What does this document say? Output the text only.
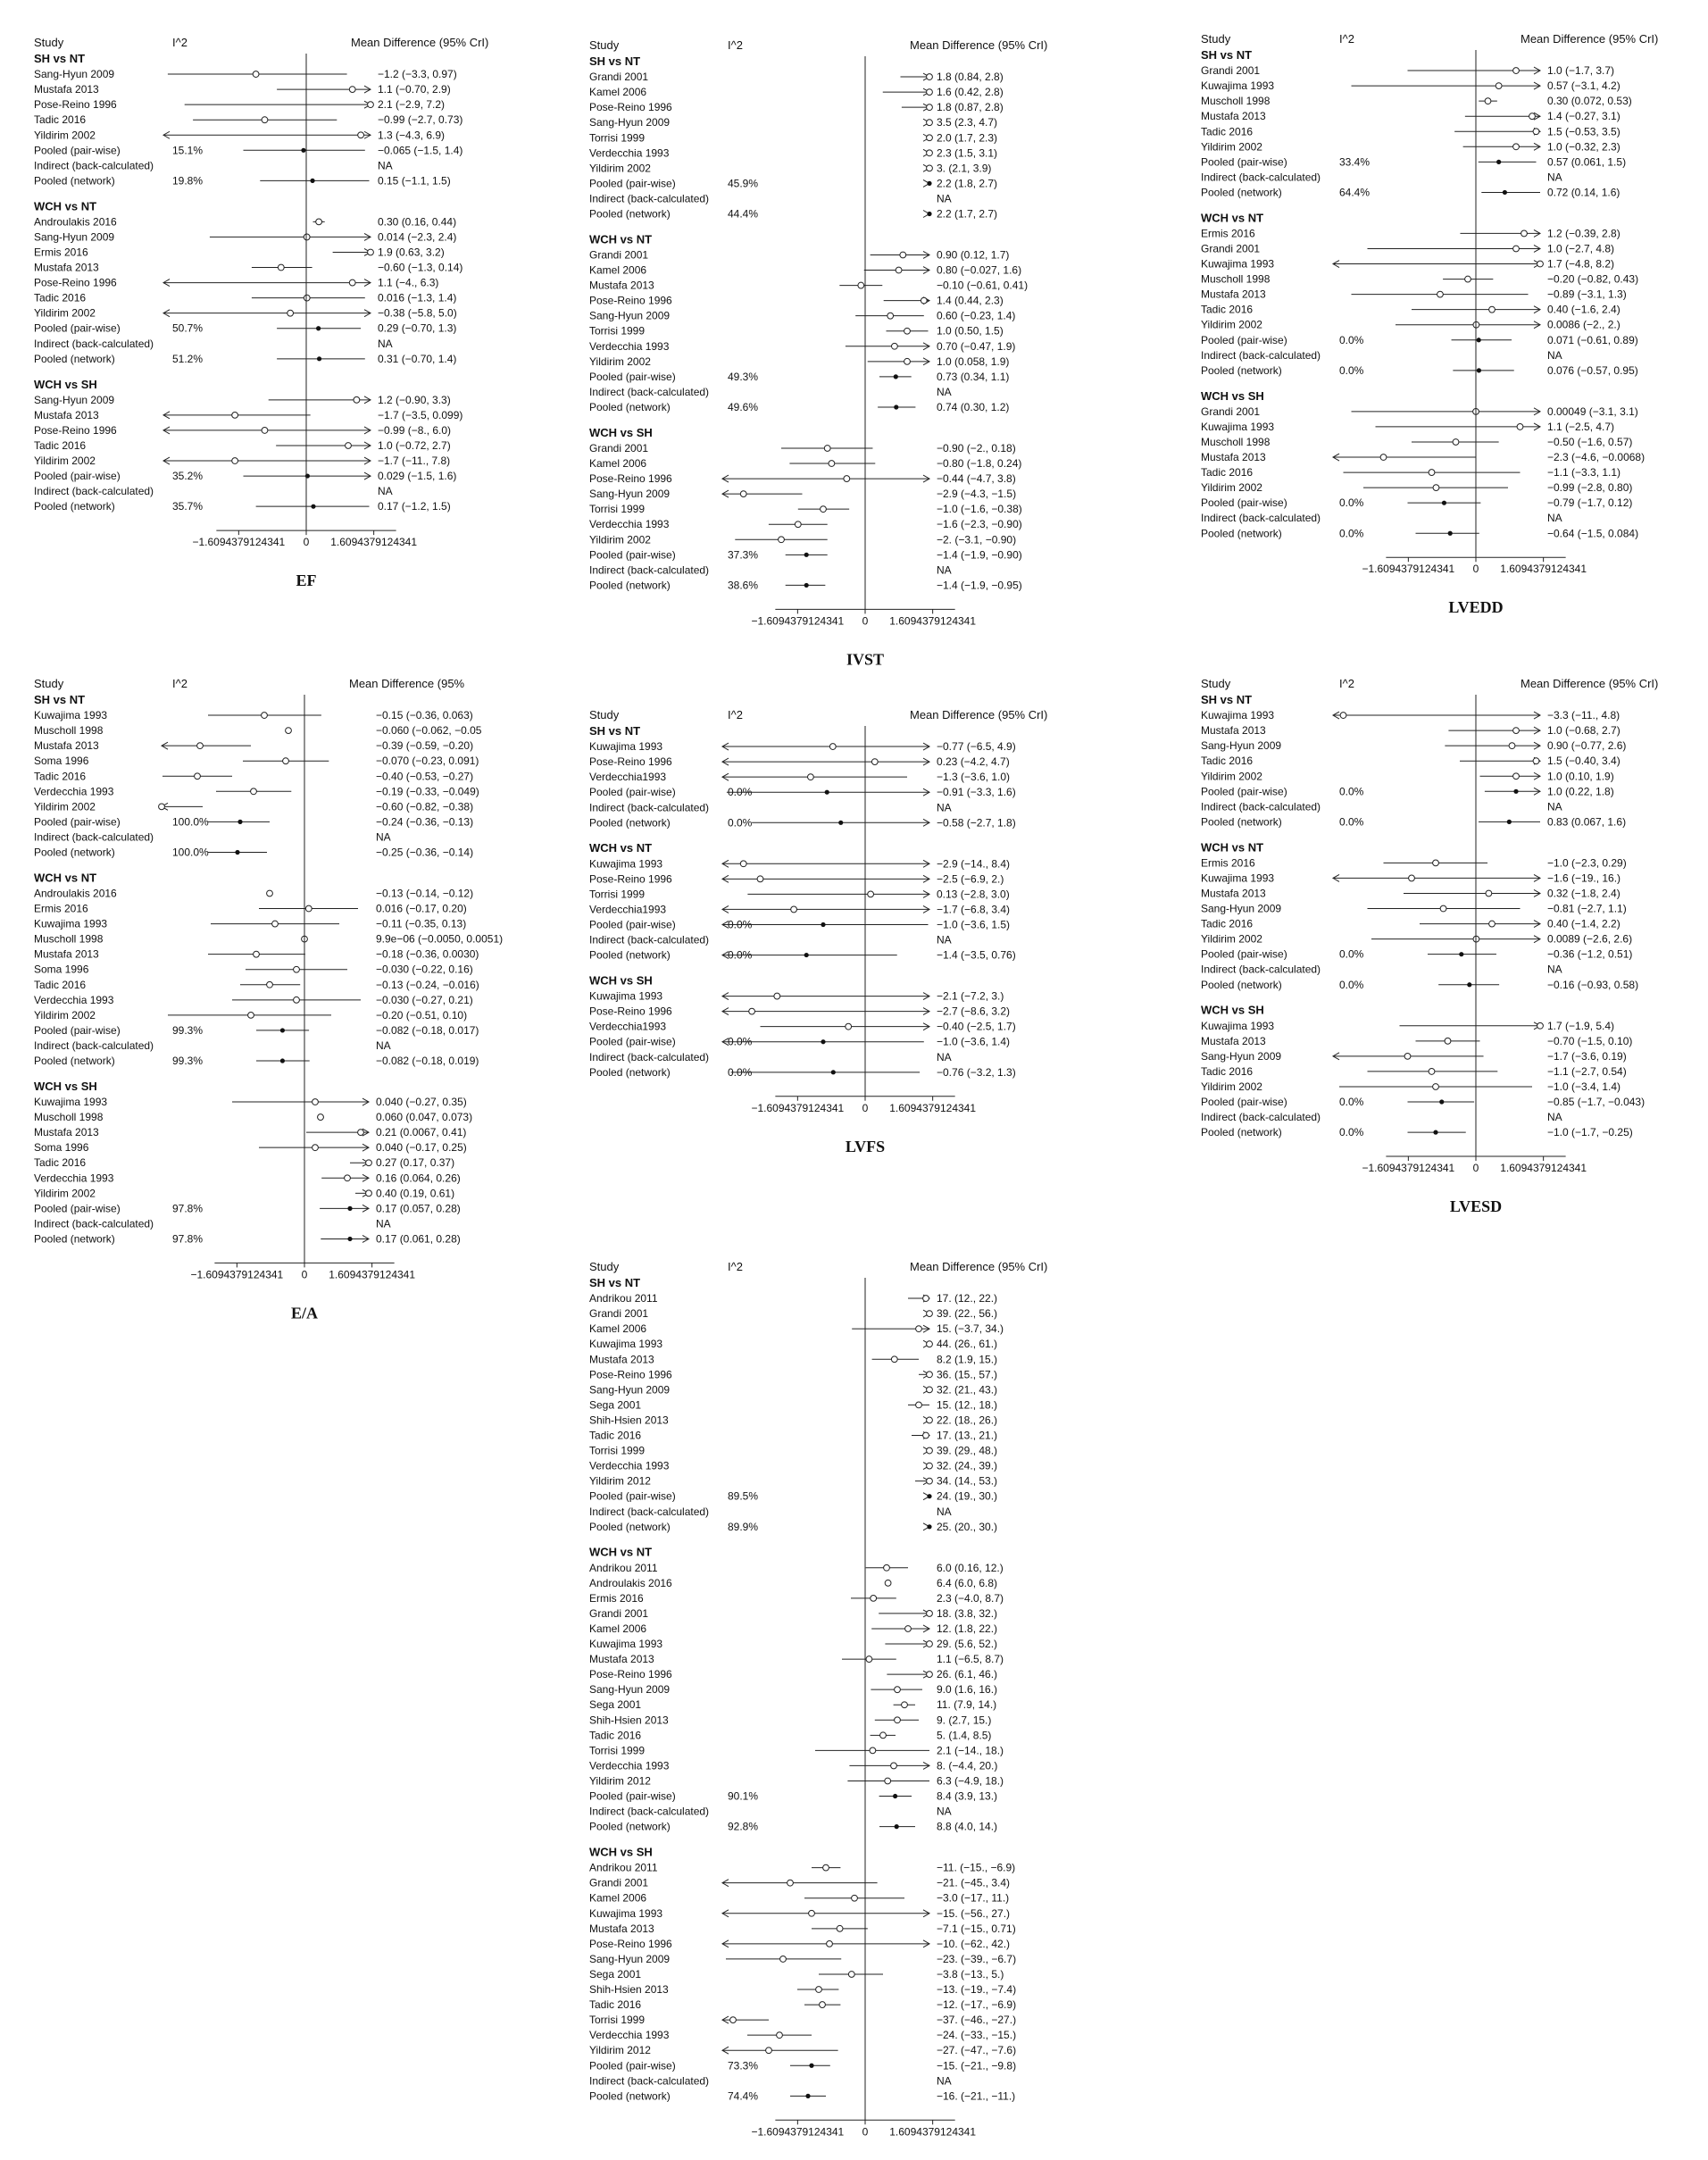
Study	I^2	Mean Difference (95% CrI)
SH vs NT
Sang-Hyun 2009	−1.2 (−3.3, 0.97)
Mustafa 2013	1.1 (−0.70, 2.9)
Pose-Reino 1996	2.1 (−2.9, 7.2)
Tadic 2016	−0.99 (−2.7, 0.73)
Yildirim 2002	1.3 (−4.3, 6.9)
Pooled (pair-wise)	15.1%	−0.065 (−1.5, 1.4)
Indirect (back-calculated)	NA
Pooled (network)	19.8%	0.15 (−1.1, 1.5)
WCH vs NT
Androulakis 2016	0.30 (0.16, 0.44)
Sang-Hyun 2009	0.014 (−2.3, 2.4)
Ermis 2016	1.9 (0.63, 3.2)
Mustafa 2013	−0.60 (−1.3, 0.14)
Pose-Reino 1996	1.1 (−4., 6.3)
Tadic 2016	0.016 (−1.3, 1.4)
Yildirim 2002	−0.38 (−5.8, 5.0)
Pooled (pair-wise)	50.7%	0.29 (−0.70, 1.3)
Indirect (back-calculated)	NA
Pooled (network)	51.2%	0.31 (−0.70, 1.4)
WCH vs SH
Sang-Hyun 2009	1.2 (−0.90, 3.3)
Mustafa 2013	−1.7 (−3.5, 0.099)
Pose-Reino 1996	−0.99 (−8., 6.0)
Tadic 2016	1.0 (−0.72, 2.7)
Yildirim 2002	−1.7 (−11., 7.8)
Pooled (pair-wise)	35.2%	0.029 (−1.5, 1.6)
Indirect (back-calculated)	NA
Pooled (network)	35.7%	0.17 (−1.2, 1.5)
−1.6094379124341 0 1.6094379124341
EF
Study	I^2	Mean Difference (95% CrI)
SH vs NT
Grandi 2001	1.8 (0.84, 2.8)
Kamel 2006	1.6 (0.42, 2.8)
Pose-Reino 1996	1.8 (0.87, 2.8)
Sang-Hyun 2009	3.5 (2.3, 4.7)
Torrisi 1999	2.0 (1.7, 2.3)
Verdecchia 1993	2.3 (1.5, 3.1)
Yildirim 2002	3. (2.1, 3.9)
Pooled (pair-wise)	45.9%	2.2 (1.8, 2.7)
Indirect (back-calculated)	NA
Pooled (network)	44.4%	2.2 (1.7, 2.7)
WCH vs NT
Grandi 2001	0.90 (0.12, 1.7)
Kamel 2006	0.80 (−0.027, 1.6)
Mustafa 2013	−0.10 (−0.61, 0.41)
Pose-Reino 1996	1.4 (0.44, 2.3)
Sang-Hyun 2009	0.60 (−0.23, 1.4)
Torrisi 1999	1.0 (0.50, 1.5)
Verdecchia 1993	0.70 (−0.47, 1.9)
Yildirim 2002	1.0 (0.058, 1.9)
Pooled (pair-wise)	49.3%	0.73 (0.34, 1.1)
Indirect (back-calculated)	NA
Pooled (network)	49.6%	0.74 (0.30, 1.2)
WCH vs SH
Grandi 2001	−0.90 (−2., 0.18)
Kamel 2006	−0.80 (−1.8, 0.24)
Pose-Reino 1996	−0.44 (−4.7, 3.8)
Sang-Hyun 2009	−2.9 (−4.3, −1.5)
Torrisi 1999	−1.0 (−1.6, −0.38)
Verdecchia 1993	−1.6 (−2.3, −0.90)
Yildirim 2002	−2. (−3.1, −0.90)
Pooled (pair-wise)	37.3%	−1.4 (−1.9, −0.90)
Indirect (back-calculated)	NA
Pooled (network)	38.6%	−1.4 (−1.9, −0.95)
−1.6094379124341 0 1.6094379124341
IVST
Study	I^2	Mean Difference (95% CrI)
SH vs NT
Grandi 2001	1.0 (−1.7, 3.7)
Kuwajima 1993	0.57 (−3.1, 4.2)
Muscholl 1998	0.30 (0.072, 0.53)
Mustafa 2013	1.4 (−0.27, 3.1)
Tadic 2016	1.5 (−0.53, 3.5)
Yildirim 2002	1.0 (−0.32, 2.3)
Pooled (pair-wise)	33.4%	0.57 (0.061, 1.5)
Indirect (back-calculated)	NA
Pooled (network)	64.4%	0.72 (0.14, 1.6)
WCH vs NT
Ermis 2016	1.2 (−0.39, 2.8)
Grandi 2001	1.0 (−2.7, 4.8)
Kuwajima 1993	1.7 (−4.8, 8.2)
Muscholl 1998	−0.20 (−0.82, 0.43)
Mustafa 2013	−0.89 (−3.1, 1.3)
Tadic 2016	0.40 (−1.6, 2.4)
Yildirim 2002	0.0086 (−2., 2.)
Pooled (pair-wise)	0.0%	0.071 (−0.61, 0.89)
Indirect (back-calculated)	NA
Pooled (network)	0.0%	0.076 (−0.57, 0.95)
WCH vs SH
Grandi 2001	0.00049 (−3.1, 3.1)
Kuwajima 1993	1.1 (−2.5, 4.7)
Muscholl 1998	−0.50 (−1.6, 0.57)
Mustafa 2013	−2.3 (−4.6, −0.0068)
Tadic 2016	−1.1 (−3.3, 1.1)
Yildirim 2002	−0.99 (−2.8, 0.80)
Pooled (pair-wise)	0.0%	−0.79 (−1.7, 0.12)
Indirect (back-calculated)	NA
Pooled (network)	0.0%	−0.64 (−1.5, 0.084)
−1.6094379124341 0 1.6094379124341
LVEDD
Study	I^2	Mean Difference (95%
SH vs NT
Kuwajima 1993	−0.15 (−0.36, 0.063)
Muscholl 1998	−0.060 (−0.062, −0.05
Mustafa 2013	−0.39 (−0.59, −0.20)
Soma 1996	−0.070 (−0.23, 0.091)
Tadic 2016	−0.40 (−0.53, −0.27)
Verdecchia 1993	−0.19 (−0.33, −0.049)
Yildirim 2002	−0.60 (−0.82, −0.38)
Pooled (pair-wise)	100.0%	−0.24 (−0.36, −0.13)
Indirect (back-calculated)	NA
Pooled (network)	100.0%	−0.25 (−0.36, −0.14)
WCH vs NT
Androulakis 2016	−0.13 (−0.14, −0.12)
Ermis 2016	0.016 (−0.17, 0.20)
Kuwajima 1993	−0.11 (−0.35, 0.13)
Muscholl 1998	9.9e−06 (−0.0050, 0.0051)
Mustafa 2013	−0.18 (−0.36, 0.0030)
Soma 1996	−0.030 (−0.22, 0.16)
Tadic 2016	−0.13 (−0.24, −0.016)
Verdecchia 1993	−0.030 (−0.27, 0.21)
Yildirim 2002	−0.20 (−0.51, 0.10)
Pooled (pair-wise)	99.3%	−0.082 (−0.18, 0.017)
Indirect (back-calculated)	NA
Pooled (network)	99.3%	−0.082 (−0.18, 0.019)
WCH vs SH
Kuwajima 1993	0.040 (−0.27, 0.35)
Muscholl 1998	0.060 (0.047, 0.073)
Mustafa 2013	0.21 (0.0067, 0.41)
Soma 1996	0.040 (−0.17, 0.25)
Tadic 2016	0.27 (0.17, 0.37)
Verdecchia 1993	0.16 (0.064, 0.26)
Yildirim 2002	0.40 (0.19, 0.61)
Pooled (pair-wise)	97.8%	0.17 (0.057, 0.28)
Indirect (back-calculated)	NA
Pooled (network)	97.8%	0.17 (0.061, 0.28)
−1.6094379124341 0 1.6094379124341
E/A
Study	I^2	Mean Difference (95% CrI)
SH vs NT
Kuwajima 1993	−0.77 (−6.5, 4.9)
Pose-Reino 1996	0.23 (−4.2, 4.7)
Verdecchia1993	−1.3 (−3.6, 1.0)
Pooled (pair-wise)	0.0%	−0.91 (−3.3, 1.6)
Indirect (back-calculated)	NA
Pooled (network)	0.0%	−0.58 (−2.7, 1.8)
WCH vs NT
Kuwajima 1993	−2.9 (−14., 8.4)
Pose-Reino 1996	−2.5 (−6.9, 2.)
Torrisi 1999	0.13 (−2.8, 3.0)
Verdecchia1993	−1.7 (−6.8, 3.4)
Pooled (pair-wise)	0.0%	−1.0 (−3.6, 1.5)
Indirect (back-calculated)	NA
Pooled (network)	0.0%	−1.4 (−3.5, 0.76)
WCH vs SH
Kuwajima 1993	−2.1 (−7.2, 3.)
Pose-Reino 1996	−2.7 (−8.6, 3.2)
Verdecchia1993	−0.40 (−2.5, 1.7)
Pooled (pair-wise)	0.0%	−1.0 (−3.6, 1.4)
Indirect (back-calculated)	NA
Pooled (network)	0.0%	−0.76 (−3.2, 1.3)
−1.6094379124341 0 1.6094379124341
LVFS
Study	I^2	Mean Difference (95% CrI)
SH vs NT
Kuwajima 1993	−3.3 (−11., 4.8)
Mustafa 2013	1.0 (−0.68, 2.7)
Sang-Hyun 2009	0.90 (−0.77, 2.6)
Tadic 2016	1.5 (−0.40, 3.4)
Yildirim 2002	1.0 (0.10, 1.9)
Pooled (pair-wise)	0.0%	1.0 (0.22, 1.8)
Indirect (back-calculated)	NA
Pooled (network)	0.0%	0.83 (0.067, 1.6)
WCH vs NT
Ermis 2016	−1.0 (−2.3, 0.29)
Kuwajima 1993	−1.6 (−19., 16.)
Mustafa 2013	0.32 (−1.8, 2.4)
Sang-Hyun 2009	−0.81 (−2.7, 1.1)
Tadic 2016	0.40 (−1.4, 2.2)
Yildirim 2002	0.0089 (−2.6, 2.6)
Pooled (pair-wise)	0.0%	−0.36 (−1.2, 0.51)
Indirect (back-calculated)	NA
Pooled (network)	0.0%	−0.16 (−0.93, 0.58)
WCH vs SH
Kuwajima 1993	1.7 (−1.9, 5.4)
Mustafa 2013	−0.70 (−1.5, 0.10)
Sang-Hyun 2009	−1.7 (−3.6, 0.19)
Tadic 2016	−1.1 (−2.7, 0.54)
Yildirim 2002	−1.0 (−3.4, 1.4)
Pooled (pair-wise)	0.0%	−0.85 (−1.7, −0.043)
Indirect (back-calculated)	NA
Pooled (network)	0.0%	−1.0 (−1.7, −0.25)
−1.6094379124341 0 1.6094379124341
LVESD
Study	I^2	Mean Difference (95% CrI)
SH vs NT
Andrikou 2011	17. (12., 22.)
Grandi 2001	39. (22., 56.)
Kamel 2006	15. (−3.7, 34.)
Kuwajima 1993	44. (26., 61.)
Mustafa 2013	8.2 (1.9, 15.)
Pose-Reino 1996	36. (15., 57.)
Sang-Hyun 2009	32. (21., 43.)
Sega 2001	15. (12., 18.)
Shih-Hsien 2013	22. (18., 26.)
Tadic 2016	17. (13., 21.)
Torrisi 1999	39. (29., 48.)
Verdecchia 1993	32. (24., 39.)
Yildirim 2012	34. (14., 53.)
Pooled (pair-wise)	89.5%	24. (19., 30.)
Indirect (back-calculated)	NA
Pooled (network)	89.9%	25. (20., 30.)
WCH vs NT
Andrikou 2011	6.0 (0.16, 12.)
Androulakis 2016	6.4 (6.0, 6.8)
Ermis 2016	2.3 (−4.0, 8.7)
Grandi 2001	18. (3.8, 32.)
Kamel 2006	12. (1.8, 22.)
Kuwajima 1993	29. (5.6, 52.)
Mustafa 2013	1.1 (−6.5, 8.7)
Pose-Reino 1996	26. (6.1, 46.)
Sang-Hyun 2009	9.0 (1.6, 16.)
Sega 2001	11. (7.9, 14.)
Shih-Hsien 2013	9. (2.7, 15.)
Tadic 2016	5. (1.4, 8.5)
Torrisi 1999	2.1 (−14., 18.)
Verdecchia 1993	8. (−4.4, 20.)
Yildirim 2012	6.3 (−4.9, 18.)
Pooled (pair-wise)	90.1%	8.4 (3.9, 13.)
Indirect (back-calculated)	NA
Pooled (network)	92.8%	8.8 (4.0, 14.)
WCH vs SH
Andrikou 2011	−11. (−15., −6.9)
Grandi 2001	−21. (−45., 3.4)
Kamel 2006	−3.0 (−17., 11.)
Kuwajima 1993	−15. (−56., 27.)
Mustafa 2013	−7.1 (−15., 0.71)
Pose-Reino 1996	−10. (−62., 42.)
Sang-Hyun 2009	−23. (−39., −6.7)
Sega 2001	−3.8 (−13., 5.)
Shih-Hsien 2013	−13. (−19., −7.4)
Tadic 2016	−12. (−17., −6.9)
Torrisi 1999	−37. (−46., −27.)
Verdecchia 1993	−24. (−33., −15.)
Yildirim 2012	−27. (−47., −7.6)
Pooled (pair-wise)	73.3%	−15. (−21., −9.8)
Indirect (back-calculated)	NA
Pooled (network)	74.4%	−16. (−21., −11.)
−1.6094379124341 0 1.6094379124341
